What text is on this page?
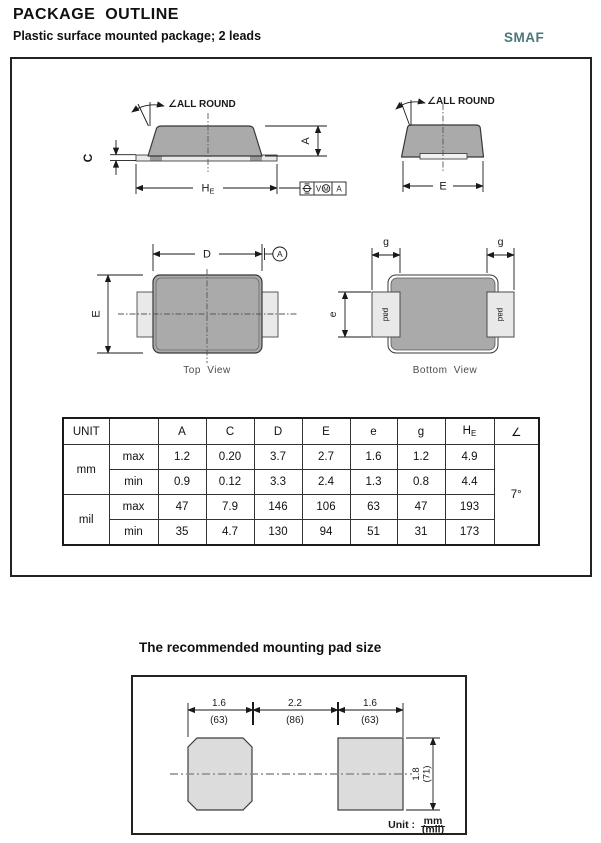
PACKAGE  OUTLINE
Plastic surface mounted package; 2 leads	SMAF
∠ALL ROUND
C
A
HE	V M A
∠ALL ROUND
E
D	A
E
Top View
pad	pad
g	g
e
Bottom View
UNIT		A	C	D	E	e	g	$H_E$	∠
mm	max	1.2	0.20	3.7	2.7	1.6	1.2	4.9	7°
	min	0.9	0.12	3.3	2.4	1.3	0.8	4.4	
mil	max	47	7.9	146	106	63	47	193	
	min	35	4.7	130	94	51	31	173	
The recommended mounting pad size
1.6	2.2	1.6
(63)	(86)	(63)
1.8 (71)
Unit : mm
(mil)
